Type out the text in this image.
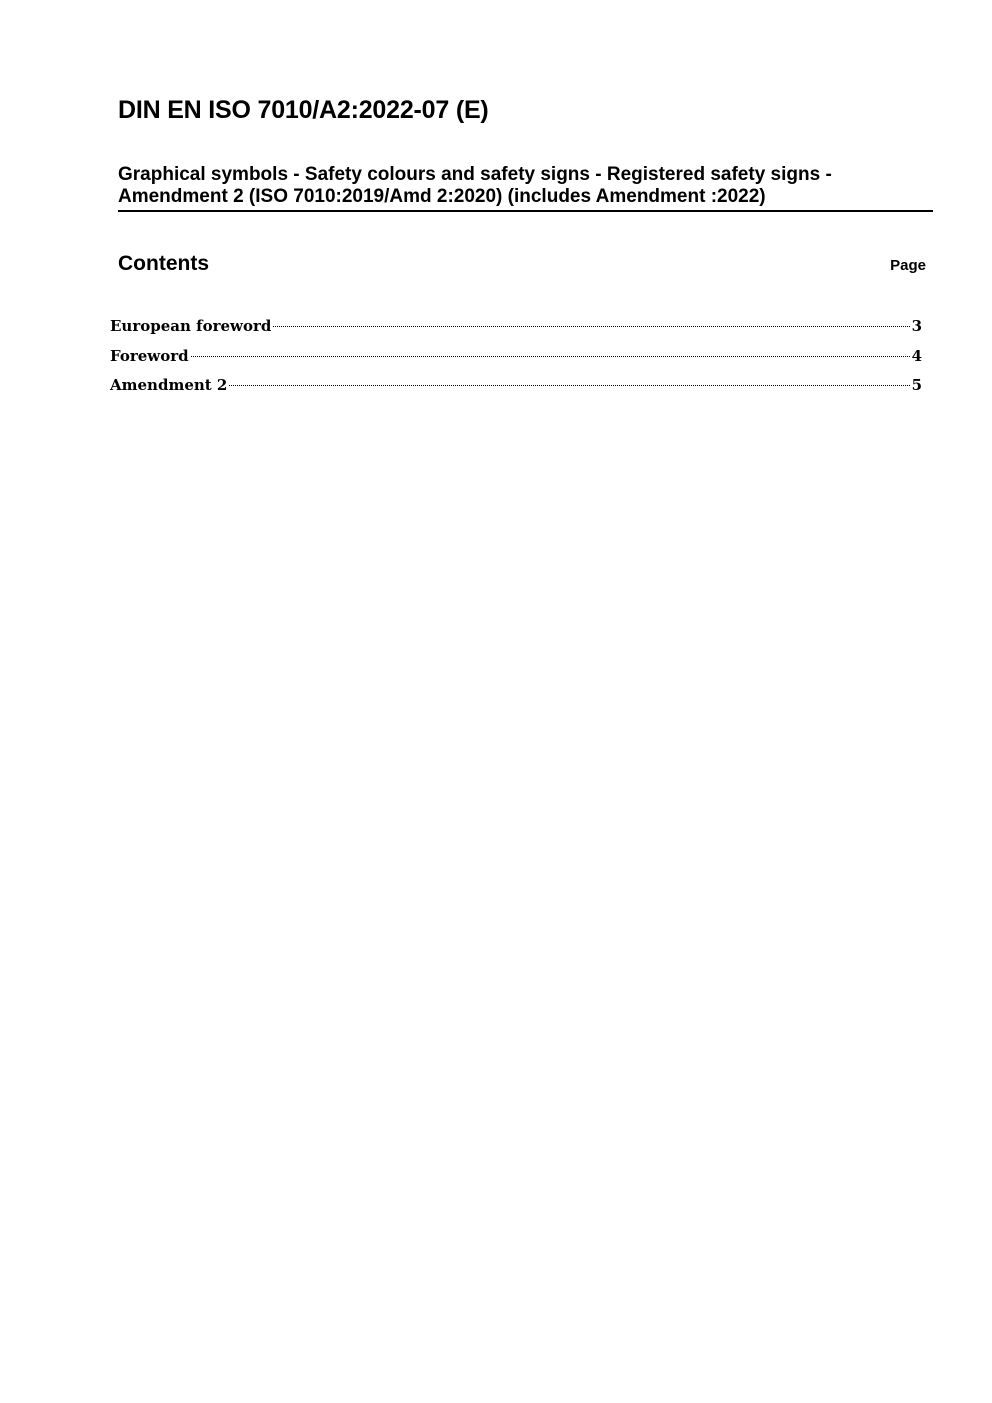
DIN EN ISO 7010/A2:2022-07 (E)
Graphical symbols - Safety colours and safety signs - Registered safety signs -
Amendment 2 (ISO 7010:2019/Amd 2:2020) (includes Amendment :2022)
Contents	Page
European foreword	3
Foreword	4
Amendment 2	5
